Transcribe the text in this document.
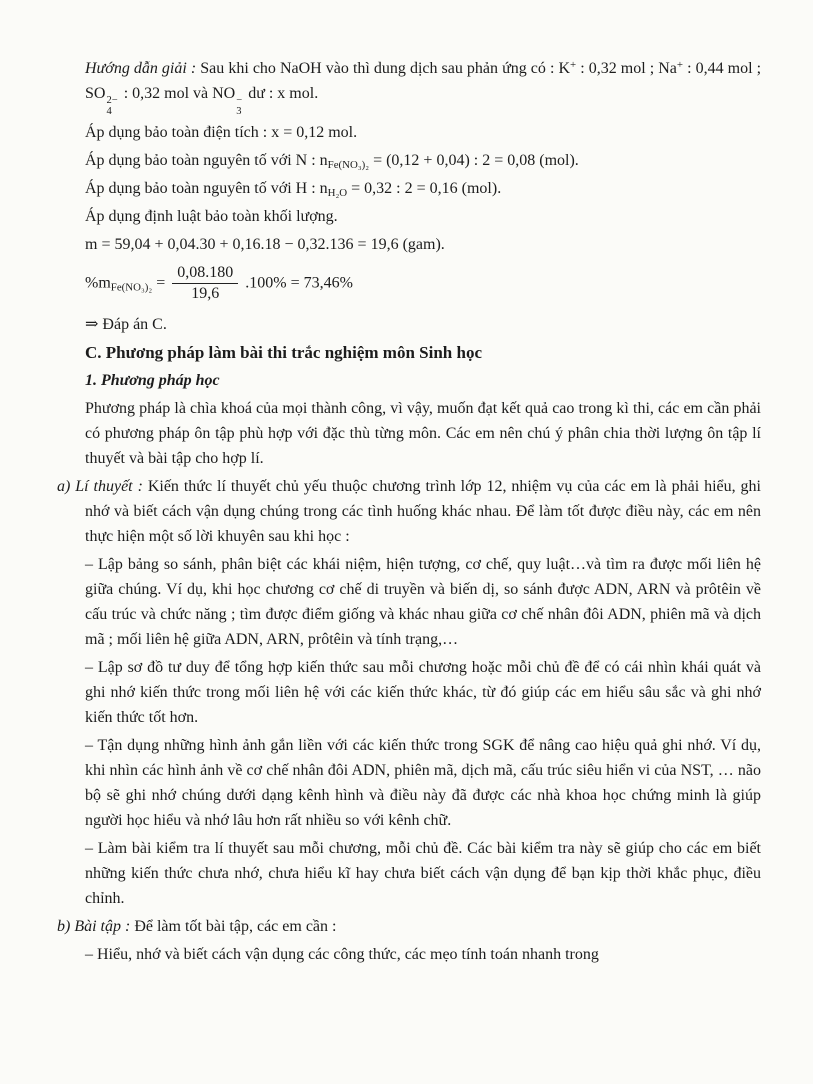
Hướng dẫn giải : Sau khi cho NaOH vào thì dung dịch sau phản ứng có : K+ : 0,32 mol ; Na+ : 0,44 mol ; SO 2−
4
: 0,32 mol và NO −
3
dư : x mol.

Áp dụng bảo toàn điện tích : x = 0,12 mol.

Áp dụng bảo toàn nguyên tố với N : $n_{Fe(NO_3)_2} = (0,12 + 0,04)$ : 2 = 0,08 (mol).

Áp dụng bảo toàn nguyên tố với H : $n_{H_2O} = 0,32$ : 2 = 0,16 (mol).

Áp dụng định luật bảo toàn khối lượng.

m = 59,04 + 0,04.30 + 0,16.18 − 0,32.136 = 19,6 (gam).

$\%m_{Fe(NO_3)_2} = \frac{0,08.180}{19,6} .100\% = 73,46\%$

⇒ Đáp án C.

C. Phương pháp làm bài thi trắc nghiệm môn Sinh học

1. Phương pháp học

Phương pháp là chìa khoá của mọi thành công, vì vậy, muốn đạt kết quả cao trong kì thi, các em cần phải có phương pháp ôn tập phù hợp với đặc thù từng môn. Các em nên chú ý phân chia thời lượng ôn tập lí thuyết và bài tập cho hợp lí.

a) Lí thuyết : Kiến thức lí thuyết chủ yếu thuộc chương trình lớp 12, nhiệm vụ của các em là phải hiểu, ghi nhớ và biết cách vận dụng chúng trong các tình huống khác nhau. Để làm tốt được điều này, các em nên thực hiện một số lời khuyên sau khi học :

– Lập bảng so sánh, phân biệt các khái niệm, hiện tượng, cơ chế, quy luật…và tìm ra được mối liên hệ giữa chúng. Ví dụ, khi học chương cơ chế di truyền và biến dị, so sánh được ADN, ARN và prôtêin về cấu trúc và chức năng ; tìm được điểm giống và khác nhau giữa cơ chế nhân đôi ADN, phiên mã và dịch mã ; mối liên hệ giữa ADN, ARN, prôtêin và tính trạng,…

– Lập sơ đồ tư duy để tổng hợp kiến thức sau mỗi chương hoặc mỗi chủ đề để có cái nhìn khái quát và ghi nhớ kiến thức trong mối liên hệ với các kiến thức khác, từ đó giúp các em hiểu sâu sắc và ghi nhớ kiến thức tốt hơn.

– Tận dụng những hình ảnh gắn liền với các kiến thức trong SGK để nâng cao hiệu quả ghi nhớ. Ví dụ, khi nhìn các hình ảnh về cơ chế nhân đôi ADN, phiên mã, dịch mã, cấu trúc siêu hiển vi của NST, … não bộ sẽ ghi nhớ chúng dưới dạng kênh hình và điều này đã được các nhà khoa học chứng minh là giúp người học hiểu và nhớ lâu hơn rất nhiều so với kênh chữ.

– Làm bài kiểm tra lí thuyết sau mỗi chương, mỗi chủ đề. Các bài kiểm tra này sẽ giúp cho các em biết những kiến thức chưa nhớ, chưa hiểu kĩ hay chưa biết cách vận dụng để bạn kịp thời khắc phục, điều chỉnh.

b) Bài tập : Để làm tốt bài tập, các em cần :

– Hiểu, nhớ và biết cách vận dụng các công thức, các mẹo tính toán nhanh trong
